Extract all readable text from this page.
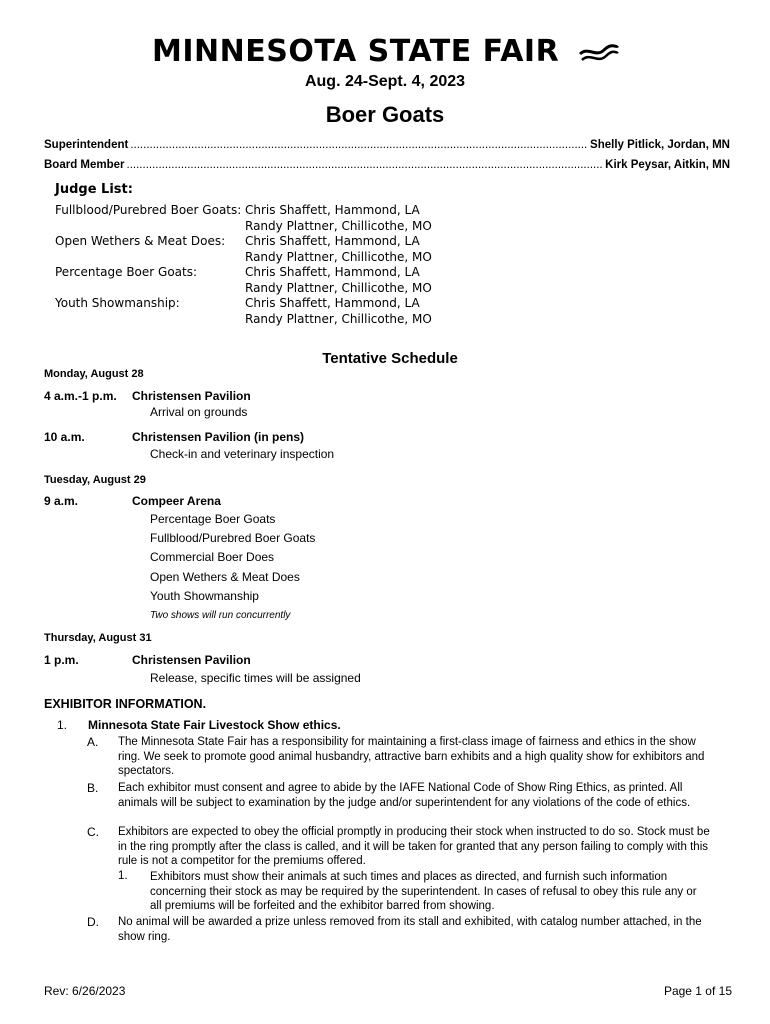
MINNESOTA STATE FAIR
Aug. 24-Sept. 4, 2023
Boer Goats
Superintendent .....	Shelly Pitlick, Jordan, MN
Board Member .....	Kirk Peysar, Aitkin, MN
Judge List:
Fullblood/Purebred Boer Goats: Chris Shaffett, Hammond, LA
Randy Plattner, Chillicothe, MO
Open Wethers & Meat Does: Chris Shaffett, Hammond, LA
Randy Plattner, Chillicothe, MO
Percentage Boer Goats:	Chris Shaffett, Hammond, LA
Randy Plattner, Chillicothe, MO
Youth Showmanship:	Chris Shaffett, Hammond, LA
Randy Plattner, Chillicothe, MO
Tentative Schedule
Monday, August 28
4 a.m.-1 p.m. Christensen Pavilion
Arrival on grounds
10 a.m.	Christensen Pavilion (in pens)
Check-in and veterinary inspection
Tuesday, August 29
9 a.m.	Compeer Arena
Percentage Boer Goats
Fullblood/Purebred Boer Goats
Commercial Boer Does
Open Wethers & Meat Does
Youth Showmanship
Two shows will run concurrently
Thursday, August 31
1 p.m.	Christensen Pavilion
Release, specific times will be assigned
EXHIBITOR INFORMATION.
1. Minnesota State Fair Livestock Show ethics.
A. The Minnesota State Fair has a responsibility for maintaining a first-class image of fairness and ethics in the show ring. We seek to promote good animal husbandry, attractive barn exhibits and a high quality show for exhibitors and spectators.
B. Each exhibitor must consent and agree to abide by the IAFE National Code of Show Ring Ethics, as printed. All animals will be subject to examination by the judge and/or superintendent for any violations of the code of ethics.
C. Exhibitors are expected to obey the official promptly in producing their stock when instructed to do so. Stock must be in the ring promptly after the class is called, and it will be taken for granted that any person failing to comply with this rule is not a competitor for the premiums offered.
1. Exhibitors must show their animals at such times and places as directed, and furnish such information concerning their stock as may be required by the superintendent. In cases of refusal to obey this rule any or all premiums will be forfeited and the exhibitor barred from showing.
D. No animal will be awarded a prize unless removed from its stall and exhibited, with catalog number attached, in the show ring.
Rev: 6/26/2023	Page 1 of 15
